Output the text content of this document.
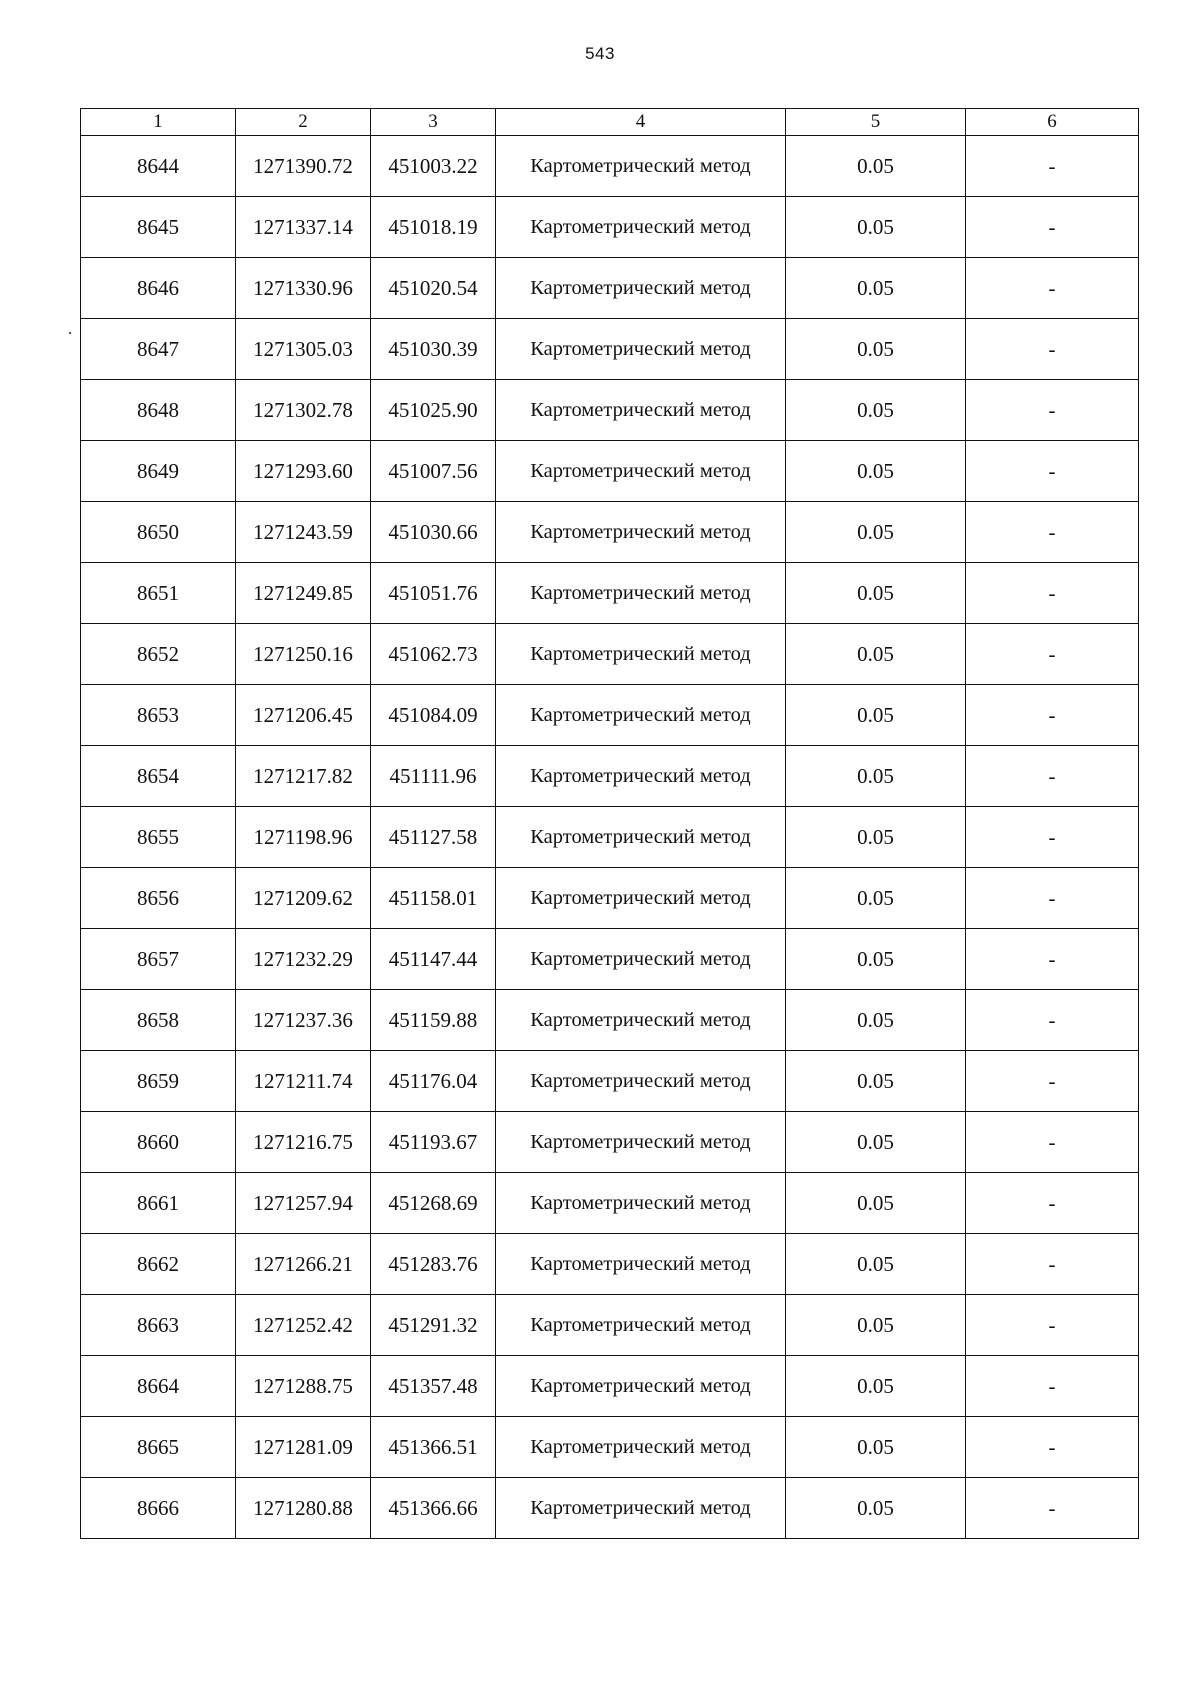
543
1	2	3	4	5	6
8644	1271390.72	451003.22	Картометрический метод	0.05	-
8645	1271337.14	451018.19	Картометрический метод	0.05	-
8646	1271330.96	451020.54	Картометрический метод	0.05	-
8647	1271305.03	451030.39	Картометрический метод	0.05	-
8648	1271302.78	451025.90	Картометрический метод	0.05	-
8649	1271293.60	451007.56	Картометрический метод	0.05	-
8650	1271243.59	451030.66	Картометрический метод	0.05	-
8651	1271249.85	451051.76	Картометрический метод	0.05	-
8652	1271250.16	451062.73	Картометрический метод	0.05	-
8653	1271206.45	451084.09	Картометрический метод	0.05	-
8654	1271217.82	451111.96	Картометрический метод	0.05	-
8655	1271198.96	451127.58	Картометрический метод	0.05	-
8656	1271209.62	451158.01	Картометрический метод	0.05	-
8657	1271232.29	451147.44	Картометрический метод	0.05	-
8658	1271237.36	451159.88	Картометрический метод	0.05	-
8659	1271211.74	451176.04	Картометрический метод	0.05	-
8660	1271216.75	451193.67	Картометрический метод	0.05	-
8661	1271257.94	451268.69	Картометрический метод	0.05	-
8662	1271266.21	451283.76	Картометрический метод	0.05	-
8663	1271252.42	451291.32	Картометрический метод	0.05	-
8664	1271288.75	451357.48	Картометрический метод	0.05	-
8665	1271281.09	451366.51	Картометрический метод	0.05	-
8666	1271280.88	451366.66	Картометрический метод	0.05	-
